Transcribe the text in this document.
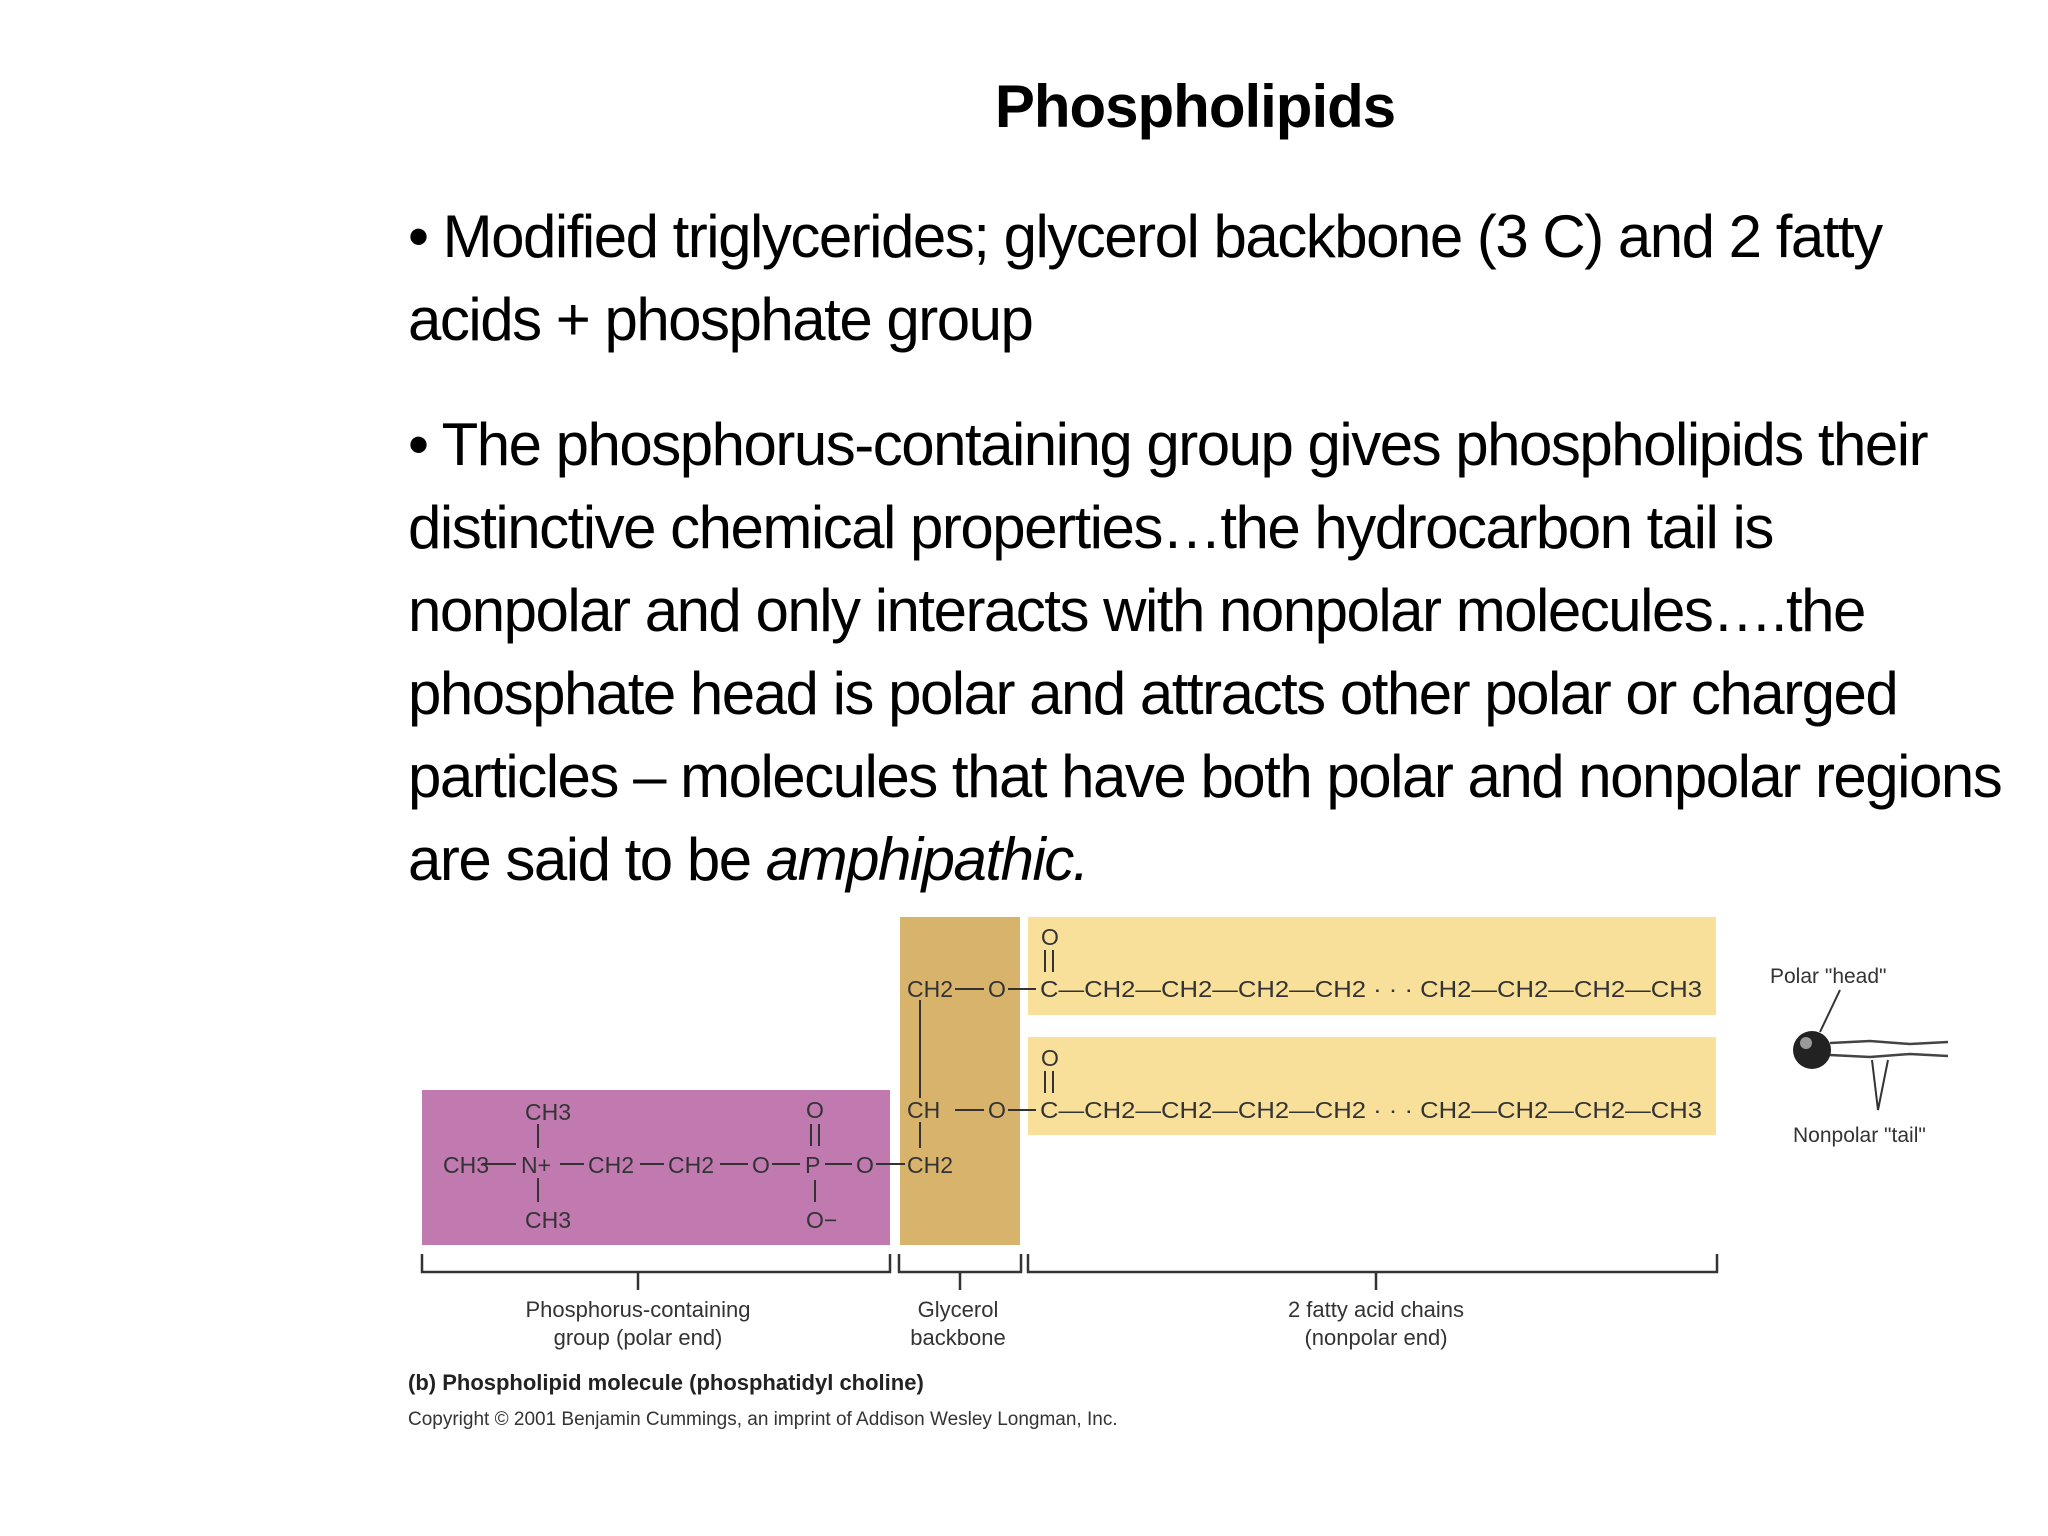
Phospholipids
• Modified triglycerides; glycerol backbone (3 C) and 2 fatty acids + phosphate group
• The phosphorus-containing group gives phospholipids their distinctive chemical properties…the hydrocarbon tail is nonpolar and only interacts with nonpolar molecules….the phosphate head is polar and attracts other polar or charged particles – molecules that have both polar and nonpolar regions are said to be amphipathic.
CH3
CH3 N+ CH2 CH2 O P
O
O−
O
CH3
CH2 O
CH O
CH2
O
C—CH2—CH2—CH2—CH2 · · · CH2—CH2—CH2—CH3
O
C—CH2—CH2—CH2—CH2 · · · CH2—CH2—CH2—CH3
Phosphorus-containing
group (polar end)
Glycerol
backbone
2 fatty acid chains
(nonpolar end)
(b) Phospholipid molecule (phosphatidyl choline)
Copyright © 2001 Benjamin Cummings, an imprint of Addison Wesley Longman, Inc.
Polar "head"
Nonpolar "tail"
